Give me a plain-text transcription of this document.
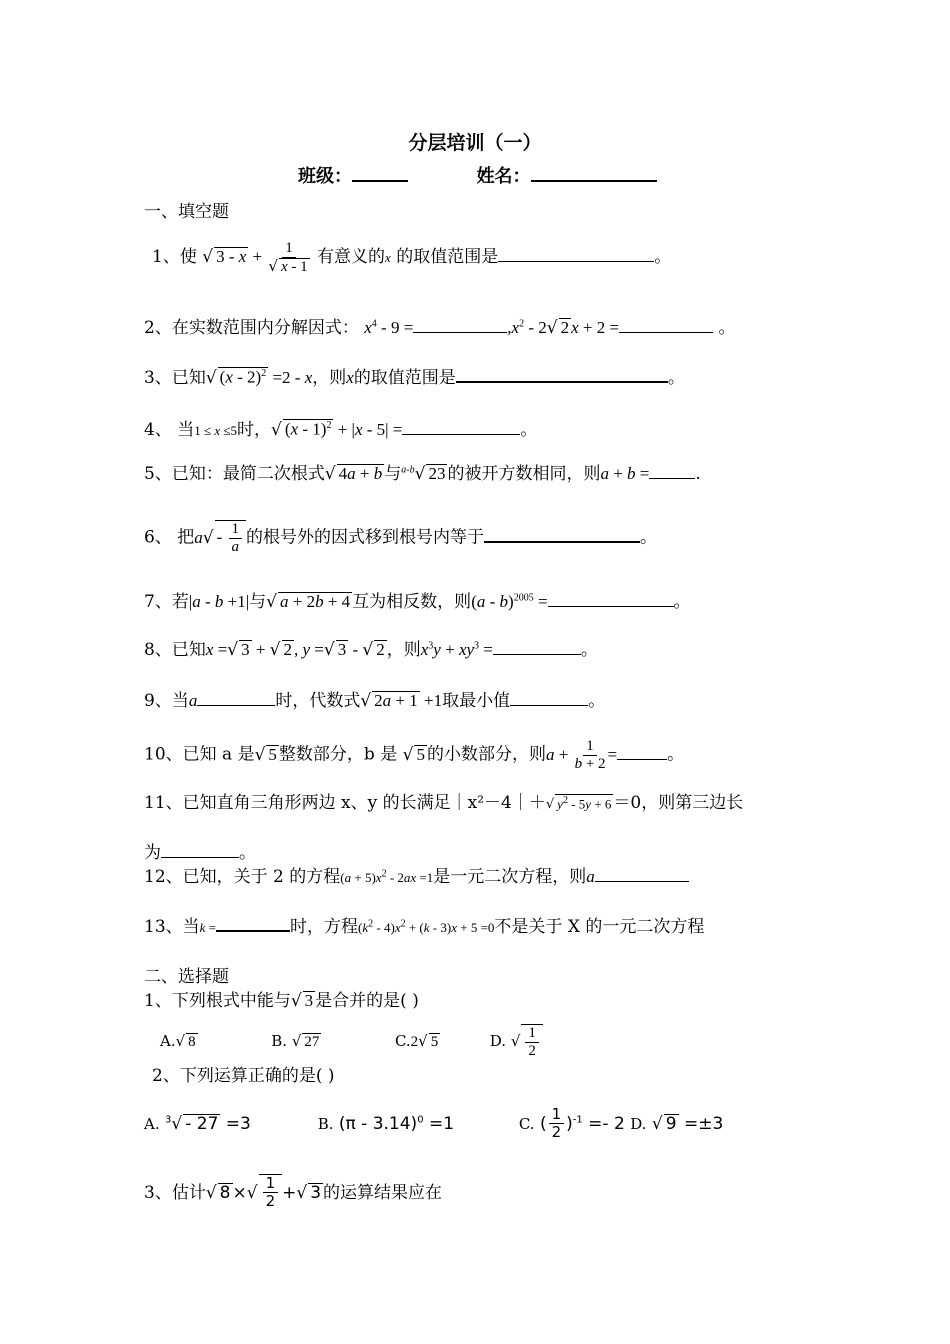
分层培训（一）
班级：	姓名：
一、填空题
1、使 √ $3 - x + \frac{1}{√ x - 1}$ 有意义的x 的取值范围是	。
2、在实数范围内分解因式： $x^4 - 9$ =	$,x^2 - 2√$ 2 x + 2 =	。
3、已知√ (x - 2)$^2$ =2 - x，则x的取值范围是	。
4、 当1 ≤ x ≤5时，√ (x - 1)$^2$ + |x - 5| =	。
5、已知：最简二次根式√ 4a + b 与$^{a-b}$√ 23 的被开方数相同，则a + b =	.
6、 把$a√ - \frac{1}{a}$ 的根号外的因式移到根号内等于	。
7、若|a - b +1|与√ a + 2b + 4 互为相反数，则(a - b)$^{2005}$ =	。
8、已知x =√ 3 + √ 2 , y =√ 3 - √ 2 ，则$x^3y + xy^3$ =	。
9、当a	时，代数式√ 2a + 1 +1取最小值	。
10、已知 a 是√ 5 整数部分，b 是 √ 5 的小数部分，则$a + \frac{1}{b + 2}$ =	。
11、已知直角三角形两边 x、y 的长满足｜x²－4｜＋√ $y^2 - 5y + 6 =0$，则第三边长
为	。
12、已知，关于 2 的方程$(a + 5)x^2 - 2ax =1$是一元二次方程，则a
13、当k =	时，方程$(k^2 - 4)x^2 + (k - 3)x + 5 =0$不是关于 X 的一元二次方程
二、选择题
1、下列根式中能与√ 3 是合并的是( )
A.√ 8	B. √ 27	C.2√ 5	D. √ $\frac{1}{2}$
2、下列运算正确的是( )
A. $^3$√ - 27 =3	B. (π - 3.14)$^0$ =1	C. ( $\frac{1}{2} )^{-1} =- 2$ D. √ 9 =±3
3、估计√ 8 ×√ $\frac{1}{2}$ +√ 3 的运算结果应在
